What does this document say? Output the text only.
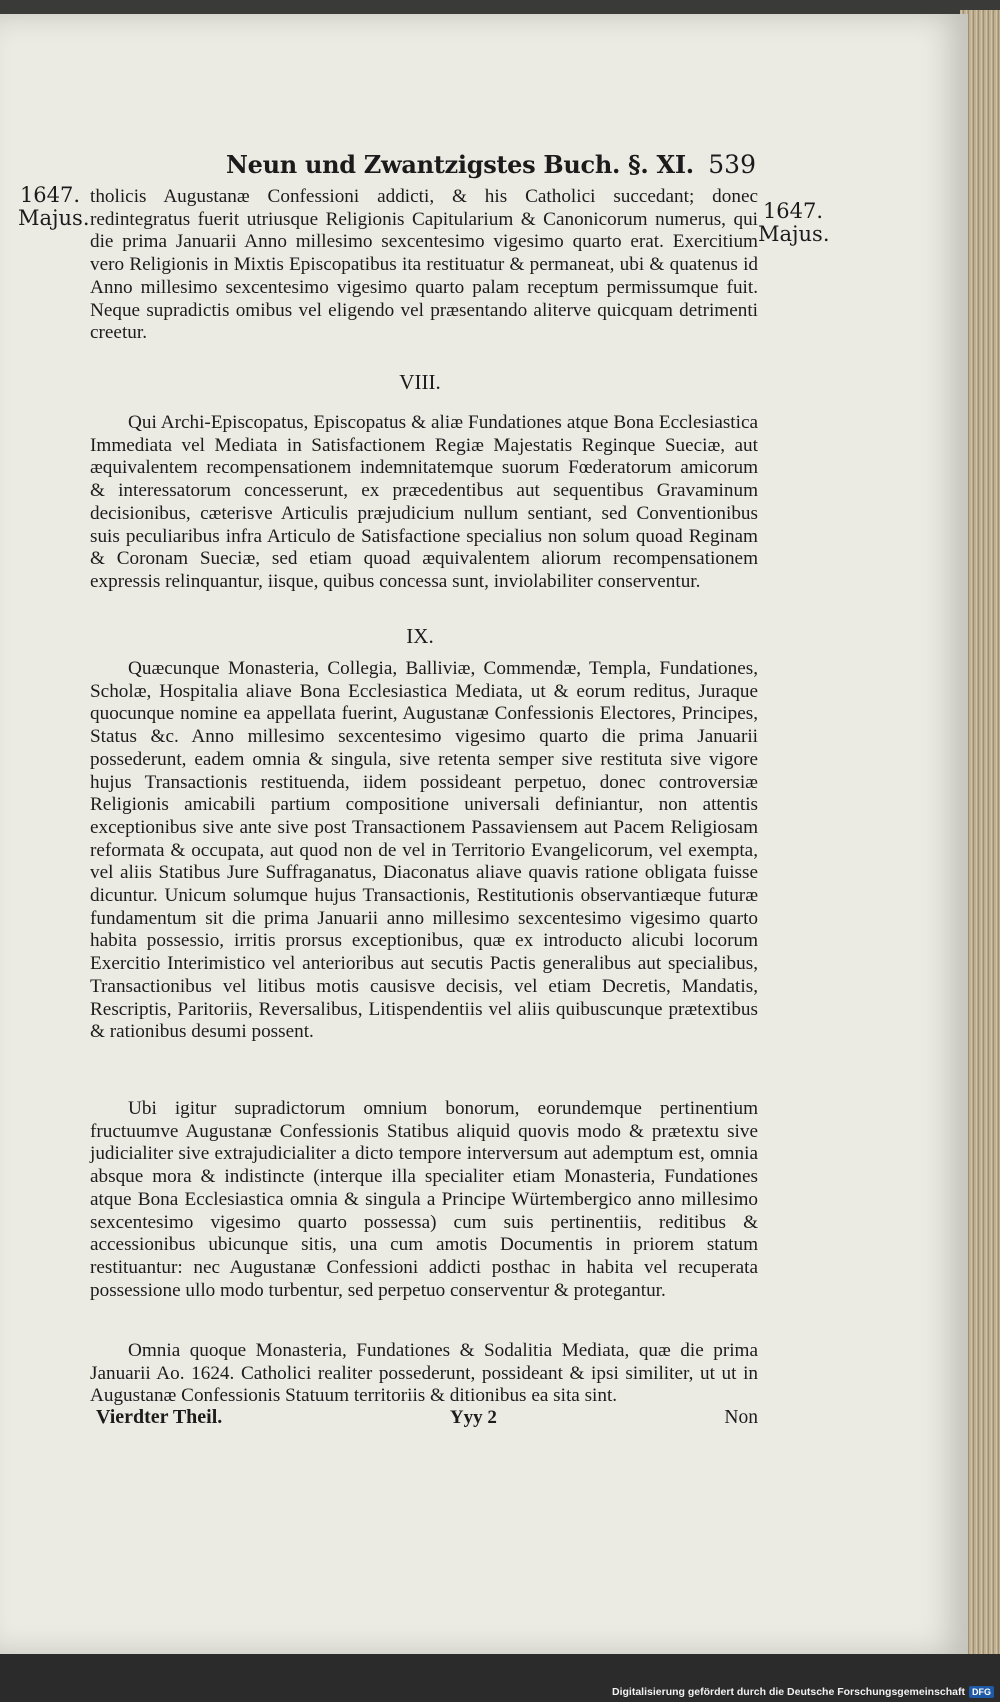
Neun und Zwantzigstes Buch. §. XI. 539
1647.
Majus.	1647.
Majus.

tholicis Augustanæ Confessioni addicti, & his Catholici succedant; donec redintegratus fuerit utriusque Religionis Capitularium & Canonicorum numerus, qui die prima Januarii Anno millesimo sexcentesimo vigesimo quarto erat. Exercitium vero Religionis in Mixtis Episcopatibus ita restituatur & permaneat, ubi & quatenus id Anno millesimo sexcentesimo vigesimo quarto palam receptum permissumque fuit. Neque supradictis omibus vel eligendo vel præsentando aliterve quicquam detrimenti creetur.

VIII.

Qui Archi-Episcopatus, Episcopatus & aliæ Fundationes atque Bona Ecclesiastica Immediata vel Mediata in Satisfactionem Regiæ Majestatis Reginque Sueciæ, aut æquivalentem recompensationem indemnitatemque suorum Fœderatorum amicorum & interessatorum concesserunt, ex præcedentibus aut sequentibus Gravaminum decisionibus, cæterisve Articulis præjudicium nullum sentiant, sed Conventionibus suis peculiaribus infra Articulo de Satisfactione specialius non solum quoad Reginam & Coronam Sueciæ, sed etiam quoad æquivalentem aliorum recompensationem expressis relinquantur, iisque, quibus concessa sunt, inviolabiliter conserventur.

IX.

Quæcunque Monasteria, Collegia, Balliviæ, Commendæ, Templa, Fundationes, Scholæ, Hospitalia aliave Bona Ecclesiastica Mediata, ut & eorum reditus, Juraque quocunque nomine ea appellata fuerint, Augustanæ Confessionis Electores, Principes, Status &c. Anno millesimo sexcentesimo vigesimo quarto die prima Januarii possederunt, eadem omnia & singula, sive retenta semper sive restituta sive vigore hujus Transactionis restituenda, iidem possideant perpetuo, donec controversiæ Religionis amicabili partium compositione universali definiantur, non attentis exceptionibus sive ante sive post Transactionem Passaviensem aut Pacem Religiosam reformata & occupata, aut quod non de vel in Territorio Evangelicorum, vel exempta, vel aliis Statibus Jure Suffraganatus, Diaconatus aliave quavis ratione obligata fuisse dicuntur. Unicum solumque hujus Transactionis, Restitutionis observantiæque futuræ fundamentum sit die prima Januarii anno millesimo sexcentesimo vigesimo quarto habita possessio, irritis prorsus exceptionibus, quæ ex introducto alicubi locorum Exercitio Interimistico vel anterioribus aut secutis Pactis generalibus aut specialibus, Transactionibus vel litibus motis causisve decisis, vel etiam Decretis, Mandatis, Rescriptis, Paritoriis, Reversalibus, Litispendentiis vel aliis quibuscunque prætextibus & rationibus desumi possent.

Ubi igitur supradictorum omnium bonorum, eorundemque pertinentium fructuumve Augustanæ Confessionis Statibus aliquid quovis modo & prætextu sive judicialiter sive extrajudicialiter a dicto tempore interversum aut ademptum est, omnia absque mora & indistincte (interque illa specialiter etiam Monasteria, Fundationes atque Bona Ecclesiastica omnia & singula a Principe Würtembergico anno millesimo sexcentesimo vigesimo quarto possessa) cum suis pertinentiis, reditibus & accessionibus ubicunque sitis, una cum amotis Documentis in priorem statum restituantur: nec Augustanæ Confessioni addicti posthac in habita vel recuperata possessione ullo modo turbentur, sed perpetuo conserventur & protegantur.

Omnia quoque Monasteria, Fundationes & Sodalitia Mediata, quæ die prima Januarii Ao. 1624. Catholici realiter possederunt, possideant & ipsi similiter, ut ut in Augustanæ Confessionis Statuum territoriis & ditionibus ea sita sint.

Vierdter Theil.	Yyy 2	Non
Digitalisierung gefördert durch die Deutsche Forschungsgemeinschaft DFG
